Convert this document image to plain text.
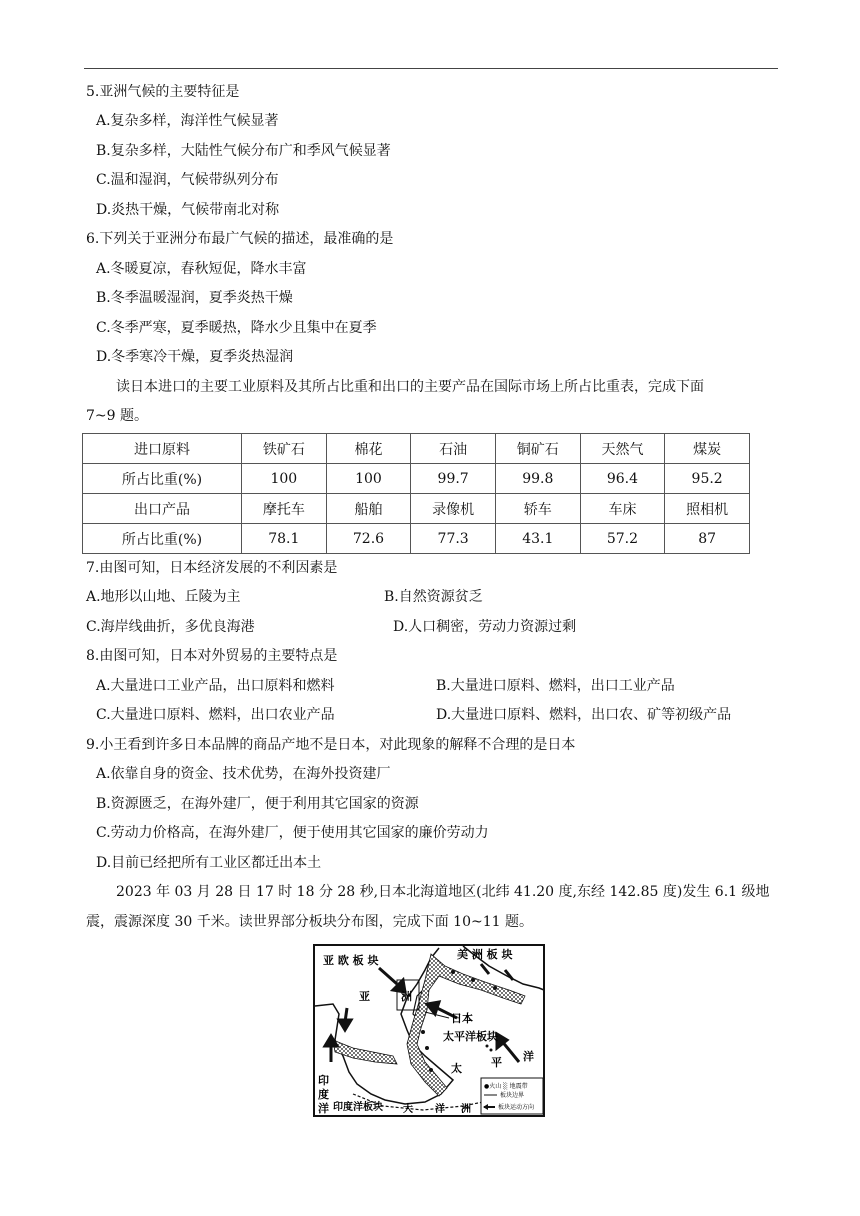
5.亚洲气候的主要特征是
A.复杂多样，海洋性气候显著
B.复杂多样，大陆性气候分布广和季风气候显著
C.温和湿润，气候带纵列分布
D.炎热干燥，气候带南北对称
6.下列关于亚洲分布最广气候的描述，最准确的是
A.冬暖夏凉，春秋短促，降水丰富
B.冬季温暖湿润，夏季炎热干燥
C.冬季严寒，夏季暖热，降水少且集中在夏季
D.冬季寒冷干燥，夏季炎热湿润
读日本进口的主要工业原料及其所占比重和出口的主要产品在国际市场上所占比重表，完成下面
7~9 题。
进口原料	铁矿石	棉花	石油	铜矿石	天然气	煤炭
所占比重(%)	100	100	99.7	99.8	96.4	95.2
出口产品	摩托车	船舶	录像机	轿车	车床	照相机
所占比重(%)	78.1	72.6	77.3	43.1	57.2	87
7.由图可知，日本经济发展的不利因素是
A.地形以山地、丘陵为主	B.自然资源贫乏
C.海岸线曲折，多优良海港	D.人口稠密，劳动力资源过剩
8.由图可知，日本对外贸易的主要特点是
A.大量进口工业产品，出口原料和燃料	B.大量进口原料、燃料，出口工业产品
C.大量进口原料、燃料，出口农业产品	D.大量进口原料、燃料，出口农、矿等初级产品
9.小王看到许多日本品牌的商品产地不是日本，对此现象的解释不合理的是日本
A.依靠自身的资金、技术优势，在海外投资建厂
B.资源匮乏，在海外建厂，便于利用其它国家的资源
C.劳动力价格高，在海外建厂，便于使用其它国家的廉价劳动力
D.目前已经把所有工业区都迁出本土
2023 年 03 月 28 日 17 时 18 分 28 秒,日本北海道地区(北纬 41.20 度,东经 142.85 度)发生 6.1 级地
震，震源深度 30 千米。读世界部分板块分布图，完成下面 10~11 题。
亚 欧 板 块	美 洲 板 块
亚	洲
日本
太平洋板块
太	平 洋
印
度
洋 印度洋板块 大 洋 洲
●火山 ░ 地震带
板块边界
板块运动方向
